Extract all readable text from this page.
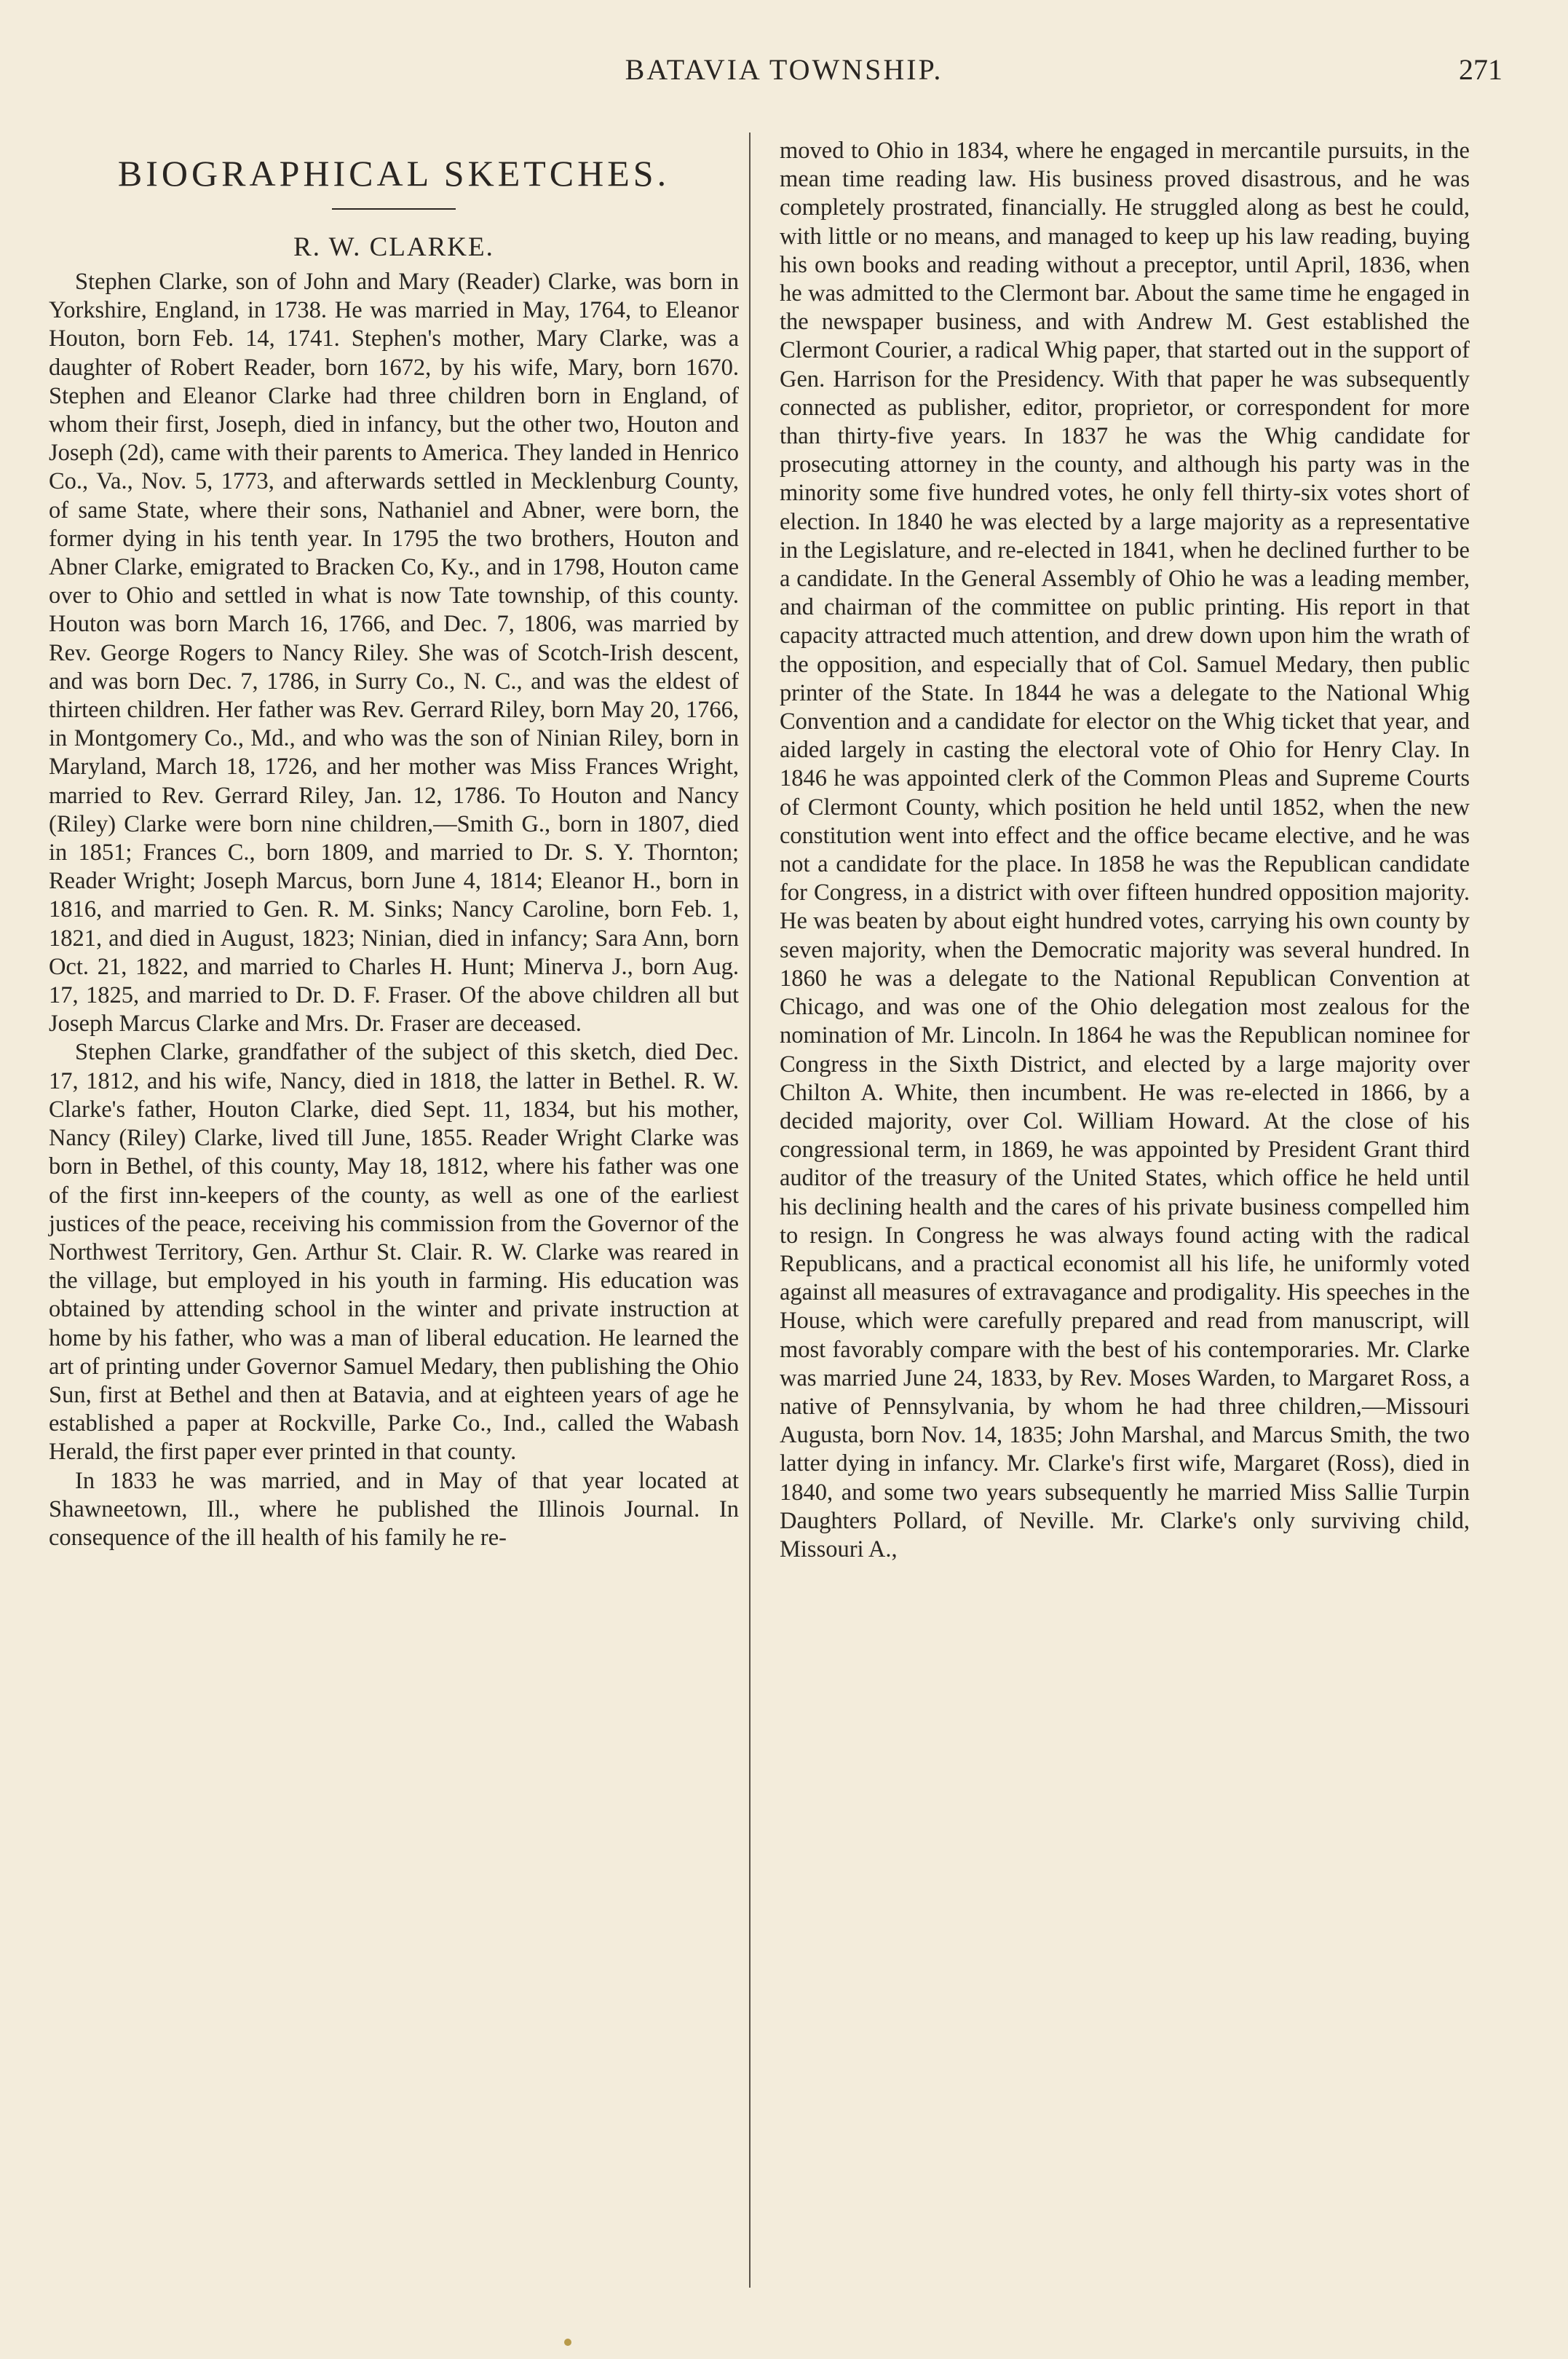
BATAVIA TOWNSHIP.	271
BIOGRAPHICAL SKETCHES.
R. W. CLARKE.

Stephen Clarke, son of John and Mary (Reader) Clarke, was born in Yorkshire, England, in 1738. He was married in May, 1764, to Eleanor Houton, born Feb. 14, 1741. Stephen's mother, Mary Clarke, was a daughter of Robert Reader, born 1672, by his wife, Mary, born 1670. Stephen and Eleanor Clarke had three children born in England, of whom their first, Joseph, died in infancy, but the other two, Houton and Joseph (2d), came with their parents to America. They landed in Henrico Co., Va., Nov. 5, 1773, and afterwards settled in Mecklenburg County, of same State, where their sons, Nathaniel and Abner, were born, the former dying in his tenth year. In 1795 the two brothers, Houton and Abner Clarke, emigrated to Bracken Co, Ky., and in 1798, Houton came over to Ohio and settled in what is now Tate township, of this county. Houton was born March 16, 1766, and Dec. 7, 1806, was married by Rev. George Rogers to Nancy Riley. She was of Scotch-Irish descent, and was born Dec. 7, 1786, in Surry Co., N. C., and was the eldest of thirteen children. Her father was Rev. Gerrard Riley, born May 20, 1766, in Montgomery Co., Md., and who was the son of Ninian Riley, born in Maryland, March 18, 1726, and her mother was Miss Frances Wright, married to Rev. Gerrard Riley, Jan. 12, 1786. To Houton and Nancy (Riley) Clarke were born nine children,—Smith G., born in 1807, died in 1851; Frances C., born 1809, and married to Dr. S. Y. Thornton; Reader Wright; Joseph Marcus, born June 4, 1814; Eleanor H., born in 1816, and married to Gen. R. M. Sinks; Nancy Caroline, born Feb. 1, 1821, and died in August, 1823; Ninian, died in infancy; Sara Ann, born Oct. 21, 1822, and married to Charles H. Hunt; Minerva J., born Aug. 17, 1825, and married to Dr. D. F. Fraser. Of the above children all but Joseph Marcus Clarke and Mrs. Dr. Fraser are deceased.

Stephen Clarke, grandfather of the subject of this sketch, died Dec. 17, 1812, and his wife, Nancy, died in 1818, the latter in Bethel. R. W. Clarke's father, Houton Clarke, died Sept. 11, 1834, but his mother, Nancy (Riley) Clarke, lived till June, 1855. Reader Wright Clarke was born in Bethel, of this county, May 18, 1812, where his father was one of the first inn-keepers of the county, as well as one of the earliest justices of the peace, receiving his commission from the Governor of the Northwest Territory, Gen. Arthur St. Clair. R. W. Clarke was reared in the village, but employed in his youth in farming. His education was obtained by attending school in the winter and private instruction at home by his father, who was a man of liberal education. He learned the art of printing under Governor Samuel Medary, then publishing the Ohio Sun, first at Bethel and then at Batavia, and at eighteen years of age he established a paper at Rockville, Parke Co., Ind., called the Wabash Herald, the first paper ever printed in that county.

In 1833 he was married, and in May of that year located at Shawneetown, Ill., where he published the Illinois Journal. In consequence of the ill health of his family he re-

moved to Ohio in 1834, where he engaged in mercantile pursuits, in the mean time reading law. His business proved disastrous, and he was completely prostrated, financially. He struggled along as best he could, with little or no means, and managed to keep up his law reading, buying his own books and reading without a preceptor, until April, 1836, when he was admitted to the Clermont bar. About the same time he engaged in the newspaper business, and with Andrew M. Gest established the Clermont Courier, a radical Whig paper, that started out in the support of Gen. Harrison for the Presidency. With that paper he was subsequently connected as publisher, editor, proprietor, or correspondent for more than thirty-five years. In 1837 he was the Whig candidate for prosecuting attorney in the county, and although his party was in the minority some five hundred votes, he only fell thirty-six votes short of election. In 1840 he was elected by a large majority as a representative in the Legislature, and re-elected in 1841, when he declined further to be a candidate. In the General Assembly of Ohio he was a leading member, and chairman of the committee on public printing. His report in that capacity attracted much attention, and drew down upon him the wrath of the opposition, and especially that of Col. Samuel Medary, then public printer of the State. In 1844 he was a delegate to the National Whig Convention and a candidate for elector on the Whig ticket that year, and aided largely in casting the electoral vote of Ohio for Henry Clay. In 1846 he was appointed clerk of the Common Pleas and Supreme Courts of Clermont County, which position he held until 1852, when the new constitution went into effect and the office became elective, and he was not a candidate for the place. In 1858 he was the Republican candidate for Congress, in a district with over fifteen hundred opposition majority. He was beaten by about eight hundred votes, carrying his own county by seven majority, when the Democratic majority was several hundred. In 1860 he was a delegate to the National Republican Convention at Chicago, and was one of the Ohio delegation most zealous for the nomination of Mr. Lincoln. In 1864 he was the Republican nominee for Congress in the Sixth District, and elected by a large majority over Chilton A. White, then incumbent. He was re-elected in 1866, by a decided majority, over Col. William Howard. At the close of his congressional term, in 1869, he was appointed by President Grant third auditor of the treasury of the United States, which office he held until his declining health and the cares of his private business compelled him to resign. In Congress he was always found acting with the radical Republicans, and a practical economist all his life, he uniformly voted against all measures of extravagance and prodigality. His speeches in the House, which were carefully prepared and read from manuscript, will most favorably compare with the best of his contemporaries. Mr. Clarke was married June 24, 1833, by Rev. Moses Warden, to Margaret Ross, a native of Pennsylvania, by whom he had three children,—Missouri Augusta, born Nov. 14, 1835; John Marshal, and Marcus Smith, the two latter dying in infancy. Mr. Clarke's first wife, Margaret (Ross), died in 1840, and some two years subsequently he married Miss Sallie Turpin Daughters Pollard, of Neville. Mr. Clarke's only surviving child, Missouri A.,
